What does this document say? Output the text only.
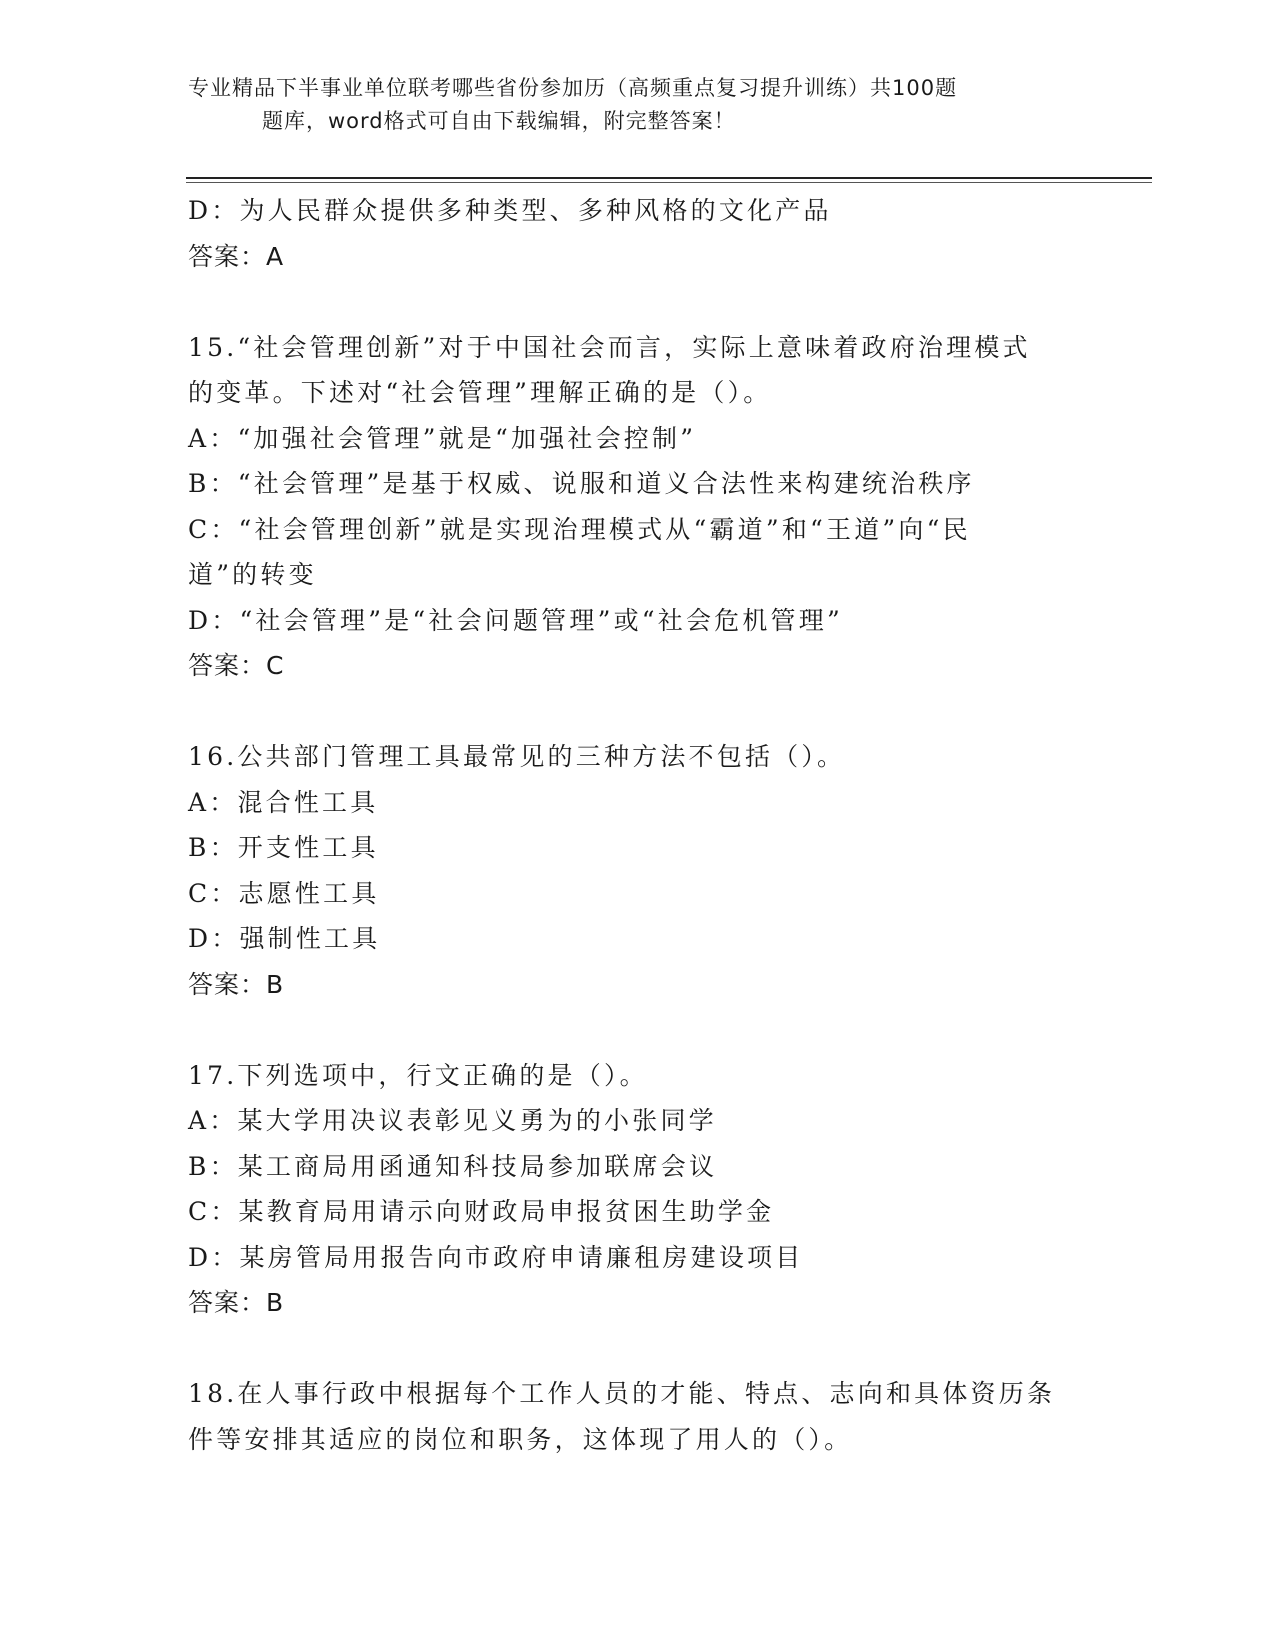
专业精品下半事业单位联考哪些省份参加历（高频重点复习提升训练）共100题
题库，word格式可自由下载编辑，附完整答案！

D：为人民群众提供多种类型、多种风格的文化产品

答案：A

15.“社会管理创新”对于中国社会而言，实际上意味着政府治理模式

的变革。下述对“社会管理”理解正确的是（）。

A：“加强社会管理”就是“加强社会控制”

B：“社会管理”是基于权威、说服和道义合法性来构建统治秩序

C：“社会管理创新”就是实现治理模式从“霸道”和“王道”向“民

道”的转变

D：“社会管理”是“社会问题管理”或“社会危机管理”

答案：C

16.公共部门管理工具最常见的三种方法不包括（）。

A：混合性工具

B：开支性工具

C：志愿性工具

D：强制性工具

答案：B

17.下列选项中，行文正确的是（）。

A：某大学用决议表彰见义勇为的小张同学

B：某工商局用函通知科技局参加联席会议

C：某教育局用请示向财政局申报贫困生助学金

D：某房管局用报告向市政府申请廉租房建设项目

答案：B

18.在人事行政中根据每个工作人员的才能、特点、志向和具体资历条

件等安排其适应的岗位和职务，这体现了用人的（）。
